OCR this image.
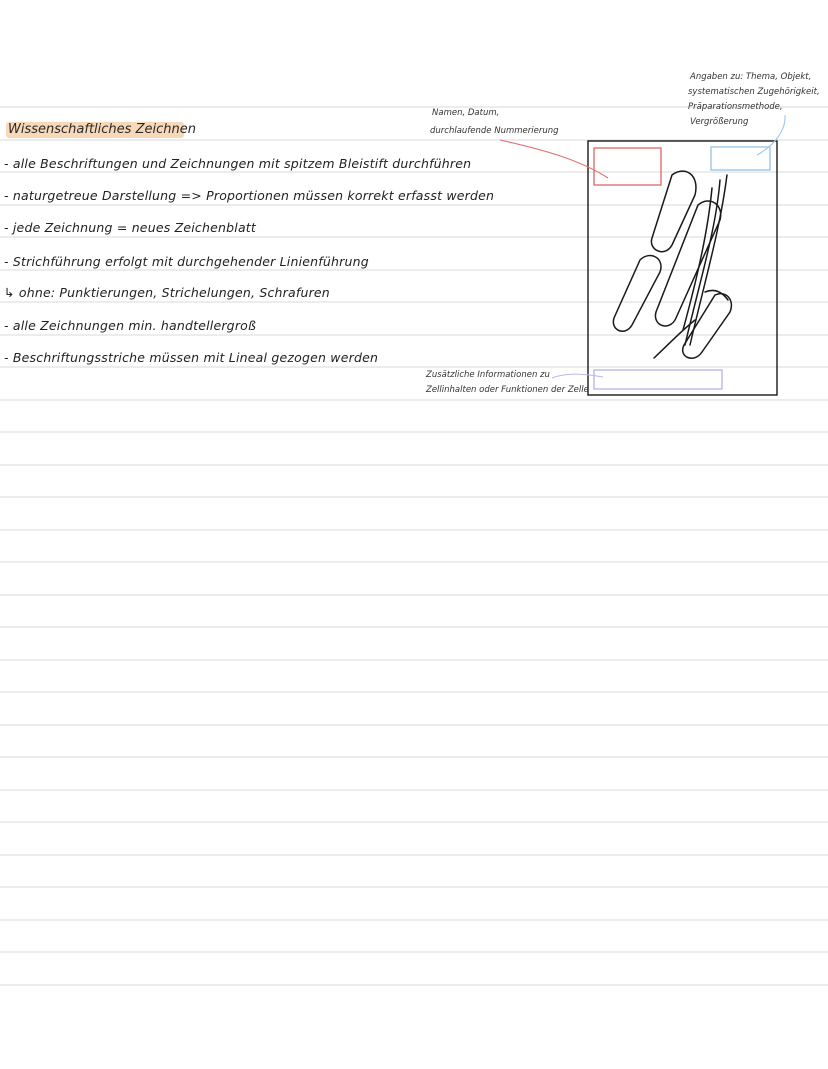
Wissenschaftliches Zeichnen
- alle Beschriftungen und Zeichnungen mit spitzem Bleistift durchführen
- naturgetreue Darstellung => Proportionen müssen korrekt erfasst werden
- jede Zeichnung = neues Zeichenblatt
- Strichführung erfolgt mit durchgehender Linienführung
↳ ohne: Punktierungen, Strichelungen, Schrafuren
- alle Zeichnungen min. handtellergroß
- Beschriftungsstriche müssen mit Lineal gezogen werden
Namen, Datum,
durchlaufende Nummerierung
Angaben zu: Thema, Objekt,
systematischen Zugehörigkeit,
Präparationsmethode,
Vergrößerung
Zusätzliche Informationen zu
Zellinhalten oder Funktionen der Zelle
